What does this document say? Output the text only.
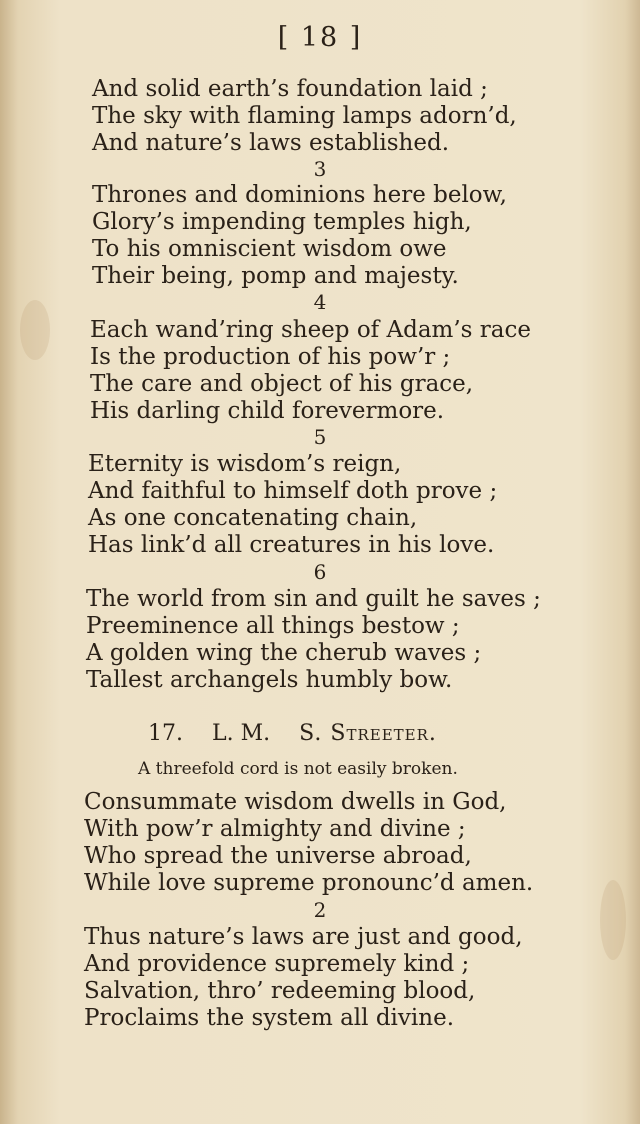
[ 18 ]
And solid earth’s foundation laid ;
The sky with flaming lamps adorn’d,
And nature’s laws established.
3
Thrones and dominions here below,
Glory’s impending temples high,
To his omniscient wisdom owe
Their being, pomp and majesty.
4
Each wand’ring sheep of Adam’s race
Is the production of his pow’r ;
The care and object of his grace,
His darling child forevermore.
5
Eternity is wisdom’s reign,
And faithful to himself doth prove ;
As one concatenating chain,
Has link’d all creatures in his love.
6
The world from sin and guilt he saves ;
Preeminence all things bestow ;
A golden wing the cherub waves ;
Tallest archangels humbly bow.
17. L. M. S. Streeter.
A threefold cord is not easily broken.
Consummate wisdom dwells in God,
With pow’r almighty and divine ;
Who spread the universe abroad,
While love supreme pronounc’d amen.
2
Thus nature’s laws are just and good,
And providence supremely kind ;
Salvation, thro’ redeeming blood,
Proclaims the system all divine.
